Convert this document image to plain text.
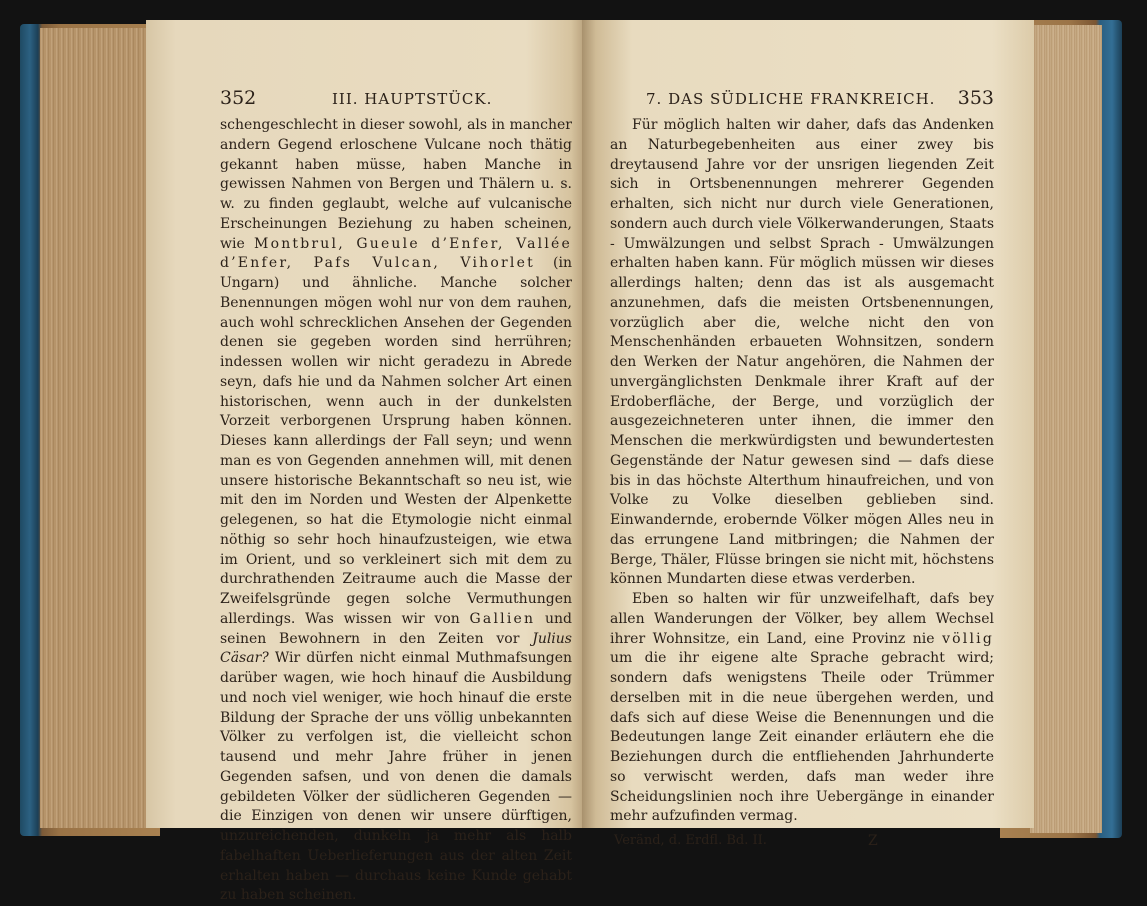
352	III. HAUPTSTÜCK.

schengeschlecht in dieser sowohl, als in mancher andern Gegend erloschene Vulcane noch thätig gekannt haben müsse, haben Manche in gewissen Nahmen von Bergen und Thälern u. s. w. zu finden geglaubt, welche auf vulcanische Erscheinungen Beziehung zu haben scheinen, wie Montbrul, Gueule d’Enfer, Vallée d’Enfer, Pafs Vulcan, Vihorlet (in Ungarn) und ähnliche. Manche solcher Benennungen mögen wohl nur von dem rauhen, auch wohl schrecklichen Ansehen der Gegenden denen sie gegeben worden sind herrühren; indessen wollen wir nicht geradezu in Abrede seyn, dafs hie und da Nahmen solcher Art einen historischen, wenn auch in der dunkelsten Vorzeit verborgenen Ursprung haben können. Dieses kann allerdings der Fall seyn; und wenn man es von Gegenden annehmen will, mit denen unsere historische Bekanntschaft so neu ist, wie mit den im Norden und Westen der Alpenkette gelegenen, so hat die Etymologie nicht einmal nöthig so sehr hoch hinaufzusteigen, wie etwa im Orient, und so verkleinert sich mit dem zu durchrathenden Zeitraume auch die Masse der Zweifelsgründe gegen solche Vermuthungen allerdings. Was wissen wir von Gallien und seinen Bewohnern in den Zeiten vor Julius Cäsar? Wir dürfen nicht einmal Muthmafsungen darüber wagen, wie hoch hinauf die Ausbildung und noch viel weniger, wie hoch hinauf die erste Bildung der Sprache der uns völlig unbekannten Völker zu verfolgen ist, die vielleicht schon tausend und mehr Jahre früher in jenen Gegenden safsen, und von denen die damals gebildeten Völker der südlicheren Gegenden — die Einzigen von denen wir unsere dürftigen, unzureichenden, dunkeln ja mehr als halb fabelhaften Ueberlieferungen aus der alten Zeit erhalten haben — durchaus keine Kunde gehabt zu haben scheinen.

7. DAS SÜDLICHE FRANKREICH. 353

Für möglich halten wir daher, dafs das Andenken an Naturbegebenheiten aus einer zwey bis dreytausend Jahre vor der unsrigen liegenden Zeit sich in Ortsbenennungen mehrerer Gegenden erhalten, sich nicht nur durch viele Generationen, sondern auch durch viele Völkerwanderungen, Staats - Umwälzungen und selbst Sprach - Umwälzungen erhalten haben kann. Für möglich müssen wir dieses allerdings halten; denn das ist als ausgemacht anzunehmen, dafs die meisten Ortsbenennungen, vorzüglich aber die, welche nicht den von Menschenhänden erbaueten Wohnsitzen, sondern den Werken der Natur angehören, die Nahmen der unvergänglichsten Denkmale ihrer Kraft auf der Erdoberfläche, der Berge, und vorzüglich der ausgezeichneteren unter ihnen, die immer den Menschen die merkwürdigsten und bewundertesten Gegenstände der Natur gewesen sind — dafs diese bis in das höchste Alterthum hinaufreichen, und von Volke zu Volke dieselben geblieben sind. Einwandernde, erobernde Völker mögen Alles neu in das errungene Land mitbringen; die Nahmen der Berge, Thäler, Flüsse bringen sie nicht mit, höchstens können Mundarten diese etwas verderben.

Eben so halten wir für unzweifelhaft, dafs bey allen Wanderungen der Völker, bey allem Wechsel ihrer Wohnsitze, ein Land, eine Provinz nie völlig um die ihr eigene alte Sprache gebracht wird; sondern dafs wenigstens Theile oder Trümmer derselben mit in die neue übergehen werden, und dafs sich auf diese Weise die Benennungen und die Bedeutungen lange Zeit einander erläutern ehe die Beziehungen durch die entfliehenden Jahrhunderte so verwischt werden, dafs man weder ihre Scheidungslinien noch ihre Uebergänge in einander mehr aufzufinden vermag.

Veränd, d. Erdfl. Bd. II.	Z
